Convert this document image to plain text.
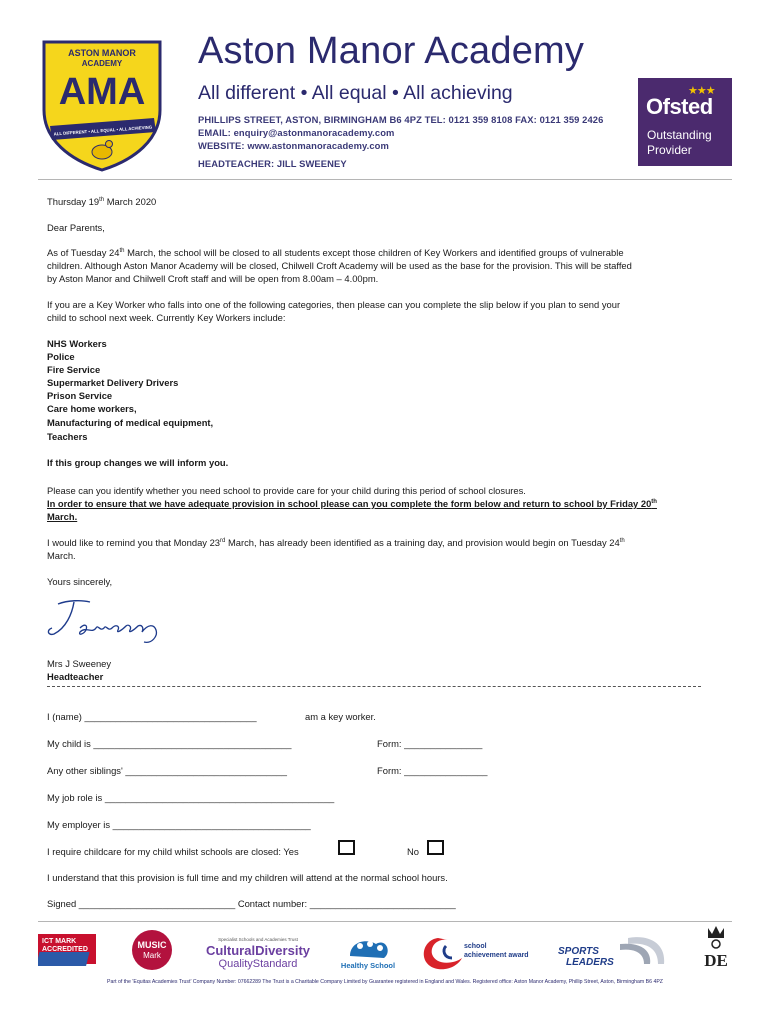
ASTON MANOR
ACADEMY
AMA
ALL DIFFERENT • ALL EQUAL • ALL ACHIEVING
Aston Manor Academy
All different • All equal • All achieving
PHILLIPS STREET, ASTON, BIRMINGHAM B6 4PZ TEL: 0121 359 8108 FAX: 0121 359 2426
EMAIL: enquiry@astonmanoracademy.com
WEBSITE: www.astonmanoracademy.com
HEADTEACHER: JILL SWEENEY
★★★
Ofsted
Outstanding
Provider
Thursday 19th March 2020
Dear Parents,
As of Tuesday 24th March, the school will be closed to all students except those children of Key Workers and identified groups of vulnerable
children. Although Aston Manor Academy will be closed, Chilwell Croft Academy will be used as the base for the provision. This will be staffed
by Aston Manor and Chilwell Croft staff and will be open from 8.00am – 4.00pm.
If you are a Key Worker who falls into one of the following categories, then please can you complete the slip below if you plan to send your
child to school next week. Currently Key Workers include:
NHS Workers
Police
Fire Service
Supermarket Delivery Drivers
Prison Service
Care home workers,
Manufacturing of medical equipment,
Teachers
If this group changes we will inform you.
Please can you identify whether you need school to provide care for your child during this period of school closures.
In order to ensure that we have adequate provision in school please can you complete the form below and return to school by Friday 20th
March.
I would like to remind you that Monday 23rd March, has already been identified as a training day, and provision would begin on Tuesday 24th
March.
Yours sincerely,
Mrs J Sweeney
Headteacher
I (name) _________________________________	am a key worker.
My child is ______________________________________	Form: _______________
Any other siblings' _______________________________	Form: ________________
My job role is ____________________________________________
My employer is ______________________________________
I require childcare for my child whilst schools are closed: Yes	No
I understand that this provision is full time and my children will attend at the normal school hours.
Signed ______________________________ Contact number: ____________________________
ICT MARK
ACCREDITED	MUSIC
Mark
Specialist Schools and Academies Trust
CulturalDiversity
QualityStandard	Healthy School
school
achievement award	SPORTS
LEADERS	DE
Part of the 'Equitas Academies Trust' Company Number: 07662289 The Trust is a Charitable Company Limited by Guarantee registered in England and Wales. Registered office: Aston Manor Academy, Phillip Street, Aston, Birmingham B6 4PZ
